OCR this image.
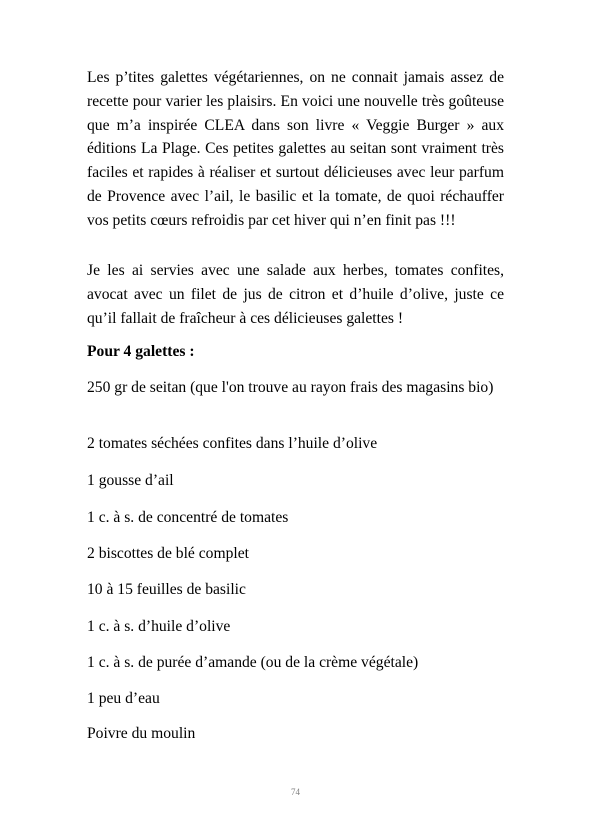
Les p’tites galettes végétariennes, on ne connait jamais assez de recette pour varier les plaisirs. En voici une nouvelle très goûteuse que m’a inspirée CLEA dans son livre « Veggie Burger » aux éditions La Plage. Ces petites galettes au seitan sont vraiment très faciles et rapides à réaliser et surtout délicieuses avec leur parfum de Provence avec l’ail, le basilic et la tomate, de quoi réchauffer vos petits cœurs refroidis par cet hiver qui n’en finit pas !!!

Je les ai servies avec une salade aux herbes, tomates confites, avocat avec un filet de jus de citron et d’huile d’olive, juste ce qu’il fallait de fraîcheur à ces délicieuses galettes !

Pour 4 galettes :

250 gr de seitan (que l'on trouve au rayon frais des magasins bio)

2 tomates séchées confites dans l’huile d’olive

1 gousse d’ail

1 c. à s. de concentré de tomates

2 biscottes de blé complet

10 à 15 feuilles de basilic

1 c. à s. d’huile d’olive

1 c. à s. de purée d’amande (ou de la crème végétale)

1 peu d’eau

Poivre du moulin

74
